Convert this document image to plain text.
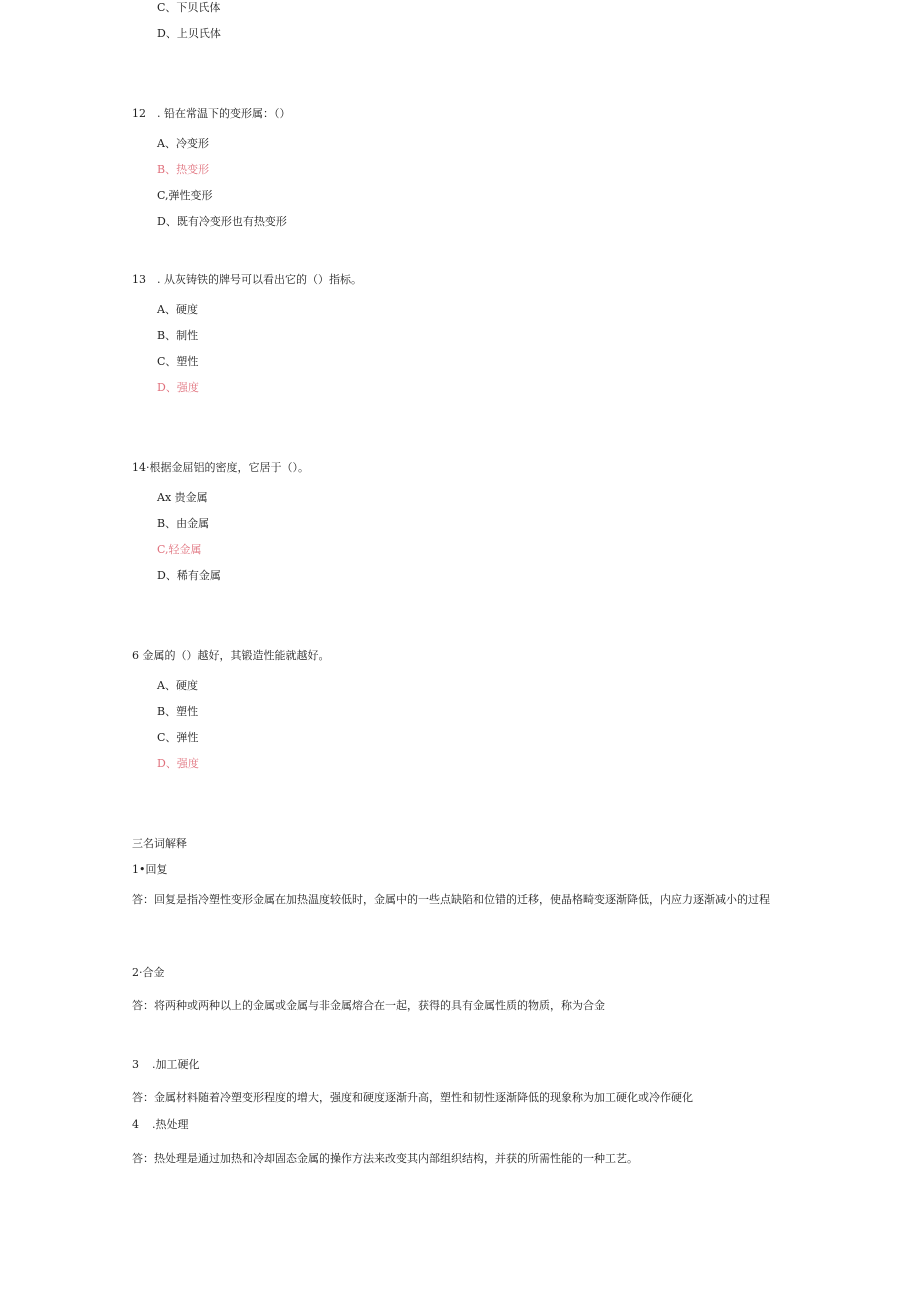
C、下贝氏体
D、上贝氏体
12 . 铅在常温下的变形属：（）
A、冷变形
B、热变形
C,弹性变形
D、既有冷变形也有热变形
13 . 从灰铸铁的牌号可以看出它的（）指标。
A、硬度
B、制性
C、塑性
D、强度
14·根据金屈铝的密度，它居于（）。
Ax 贵金属
B、由金属
C,轻金属
D、稀有金属
6 金属的（）越好，其锻造性能就越好。
A、硬度
B、塑性
C、弹性
D、强度
三名词解释
1•回复
答：回复是指冷塑性变形金属在加热温度较低时，金属中的一些点缺陷和位错的迁移，使晶格畸变逐渐降低，内应力逐渐减小的过程
2·合金
答：将两种或两种以上的金属或金属与非金属熔合在一起，获得的具有金属性质的物质，称为合金
3 .加工硬化
答：金属材料随着冷塑变形程度的增大，强度和硬度逐渐升高，塑性和韧性逐渐降低的现象称为加工硬化或冷作硬化
4 .热处理
答：热处理是通过加热和冷却固态金属的操作方法来改变其内部组织结构，并获的所需性能的一种工艺。
